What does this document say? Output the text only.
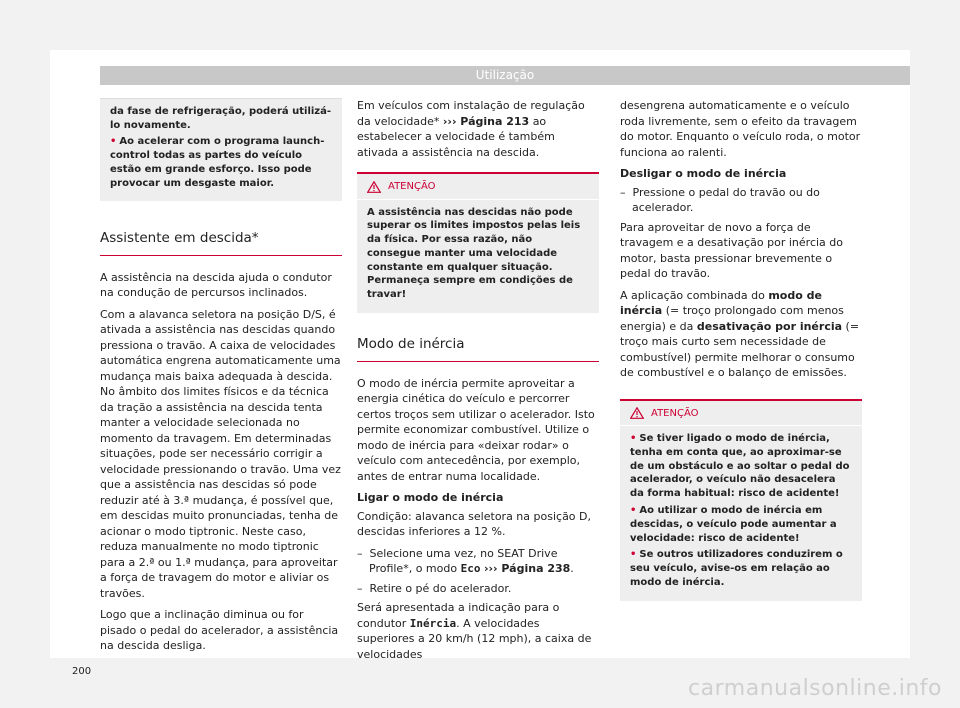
Utilização

da fase de refrigeração, poderá utilizá-lo novamente.

• Ao acelerar com o programa launch-control todas as partes do veículo estão em grande esforço. Isso pode provocar um desgaste maior.

Assistente em descida*

A assistência na descida ajuda o condutor na condução de percursos inclinados.

Com a alavanca seletora na posição D/S, é ativada a assistência nas descidas quando pressiona o travão. A caixa de velocidades automática engrena automaticamente uma mudança mais baixa adequada à descida. No âmbito dos limites físicos e da técnica da tração a assistência na descida tenta manter a velocidade selecionada no momento da travagem. Em determinadas situações, pode ser necessário corrigir a velocidade pressionando o travão. Uma vez que a assistência nas descidas só pode reduzir até à 3.ª mudança, é possível que, em descidas muito pronunciadas, tenha de acionar o modo tiptronic. Neste caso, reduza manualmente no modo tiptronic para a 2.ª ou 1.ª mudança, para aproveitar a força de travagem do motor e aliviar os travões.

Logo que a inclinação diminua ou for pisado o pedal do acelerador, a assistência na descida desliga.

Em veículos com instalação de regulação da velocidade* ››› Página 213 ao estabelecer a velocidade é também ativada a assistência na descida.

ATENÇÃO

A assistência nas descidas não pode superar os limites impostos pelas leis da física. Por essa razão, não consegue manter uma velocidade constante em qualquer situação. Permaneça sempre em condições de travar!

Modo de inércia

O modo de inércia permite aproveitar a energia cinética do veículo e percorrer certos troços sem utilizar o acelerador. Isto permite economizar combustível. Utilize o modo de inércia para «deixar rodar» o veículo com antecedência, por exemplo, antes de entrar numa localidade.

Ligar o modo de inércia

Condição: alavanca seletora na posição D, descidas inferiores a 12 %.

–  Selecione uma vez, no SEAT Drive Profile*, o modo Eco ››› Página 238.
–  Retire o pé do acelerador.

Será apresentada a indicação para o condutor Inércia. A velocidades superiores a 20 km/h (12 mph), a caixa de velocidades

desengrena automaticamente e o veículo roda livremente, sem o efeito da travagem do motor. Enquanto o veículo roda, o motor funciona ao ralenti.

Desligar o modo de inércia
–  Pressione o pedal do travão ou do acelerador.

Para aproveitar de novo a força de travagem e a desativação por inércia do motor, basta pressionar brevemente o pedal do travão.

A aplicação combinada do modo de inércia (= troço prolongado com menos energia) e da desativação por inércia (= troço mais curto sem necessidade de combustível) permite melhorar o consumo de combustível e o balanço de emissões.

ATENÇÃO

• Se tiver ligado o modo de inércia, tenha em conta que, ao aproximar-se de um obstáculo e ao soltar o pedal do acelerador, o veículo não desacelera da forma habitual: risco de acidente!

• Ao utilizar o modo de inércia em descidas, o veículo pode aumentar a velocidade: risco de acidente!

• Se outros utilizadores conduzirem o seu veículo, avise-os em relação ao modo de inércia.

200
carmanualsonline.info
